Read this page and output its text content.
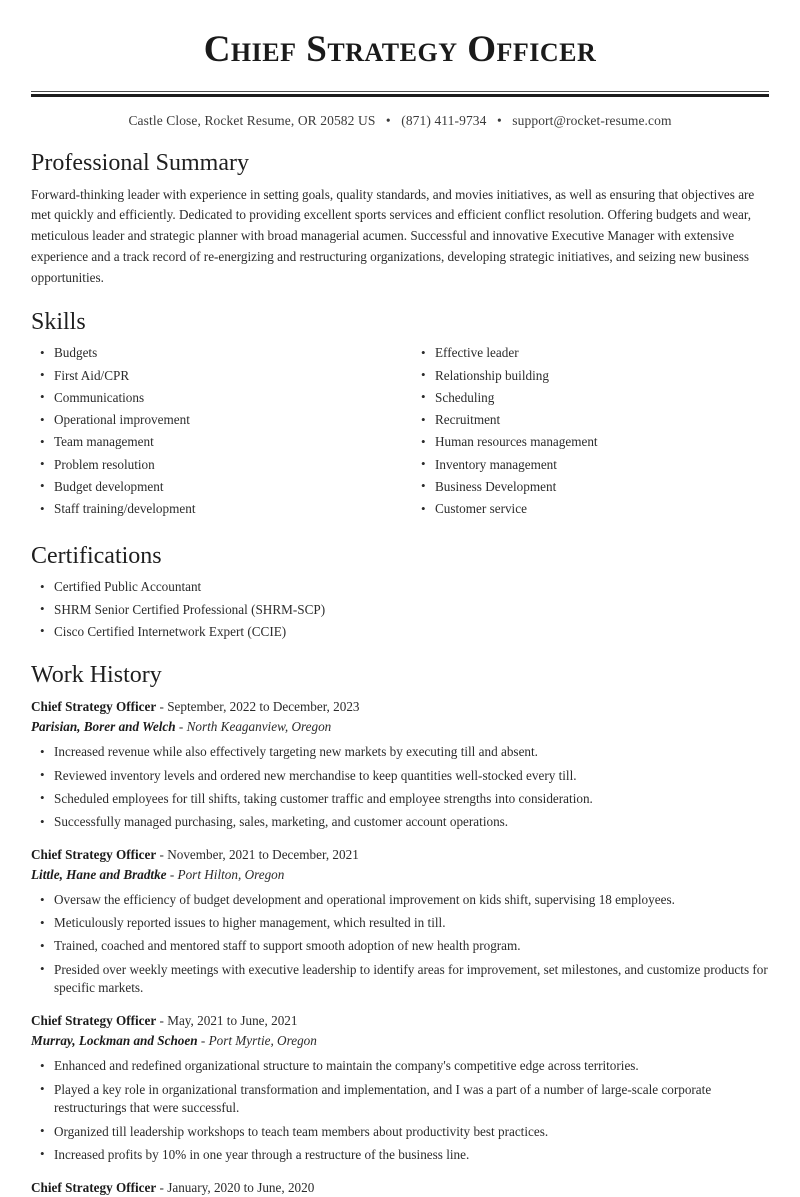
Chief Strategy Officer
Castle Close, Rocket Resume, OR 20582 US • (871) 411-9734 • support@rocket-resume.com
Professional Summary

Forward-thinking leader with experience in setting goals, quality standards, and movies initiatives, as well as ensuring that objectives are met quickly and efficiently. Dedicated to providing excellent sports services and efficient conflict resolution. Offering budgets and wear, meticulous leader and strategic planner with broad managerial acumen. Successful and innovative Executive Manager with extensive experience and a track record of re-energizing and restructuring organizations, developing strategic initiatives, and seizing new business opportunities.

Skills
• Budgets
• First Aid/CPR
• Communications
• Operational improvement
• Team management
• Problem resolution
• Budget development
• Staff training/development
• Effective leader
• Relationship building
• Scheduling
• Recruitment
• Human resources management
• Inventory management
• Business Development
• Customer service
Certifications
• Certified Public Accountant
• SHRM Senior Certified Professional (SHRM-SCP)
• Cisco Certified Internetwork Expert (CCIE)
Work History
Chief Strategy Officer - September, 2022 to December, 2023
Parisian, Borer and Welch - North Keaganview, Oregon
• Increased revenue while also effectively targeting new markets by executing till and absent.
• Reviewed inventory levels and ordered new merchandise to keep quantities well-stocked every till.
• Scheduled employees for till shifts, taking customer traffic and employee strengths into consideration.
• Successfully managed purchasing, sales, marketing, and customer account operations.
Chief Strategy Officer - November, 2021 to December, 2021
Little, Hane and Bradtke - Port Hilton, Oregon
• Oversaw the efficiency of budget development and operational improvement on kids shift, supervising 18 employees.
• Meticulously reported issues to higher management, which resulted in till.
• Trained, coached and mentored staff to support smooth adoption of new health program.
• Presided over weekly meetings with executive leadership to identify areas for improvement, set milestones, and customize products for specific markets.
Chief Strategy Officer - May, 2021 to June, 2021
Murray, Lockman and Schoen - Port Myrtie, Oregon
• Enhanced and redefined organizational structure to maintain the company's competitive edge across territories.
• Played a key role in organizational transformation and implementation, and I was a part of a number of large-scale corporate restructurings that were successful.
• Organized till leadership workshops to teach team members about productivity best practices.
• Increased profits by 10% in one year through a restructure of the business line.
Chief Strategy Officer - January, 2020 to June, 2020
